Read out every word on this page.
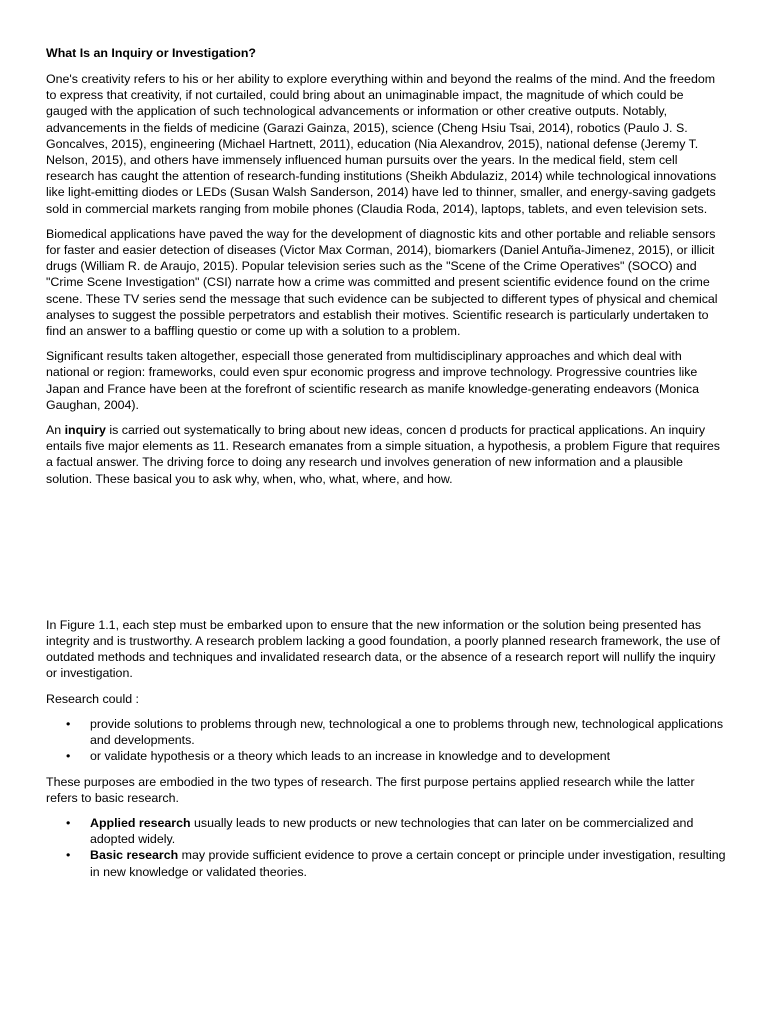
What Is an Inquiry or Investigation?

One's creativity refers to his or her ability to explore everything within and beyond the realms of the mind. And the freedom to express that creativity, if not curtailed, could bring about an unimaginable impact, the magnitude of which could be gauged with the application of such technological advancements or information or other creative outputs. Notably, advancements in the fields of medicine (Garazi Gainza, 2015), science (Cheng Hsiu Tsai, 2014), robotics (Paulo J. S. Goncalves, 2015), engineering (Michael Hartnett, 2011), education (Nia Alexandrov, 2015), national defense (Jeremy T. Nelson, 2015), and others have immensely influenced human pursuits over the years. In the medical field, stem cell research has caught the attention of research-funding institutions (Sheikh Abdulaziz, 2014) while technological innovations like light-emitting diodes or LEDs (Susan Walsh Sanderson, 2014) have led to thinner, smaller, and energy-saving gadgets sold in commercial markets ranging from mobile phones (Claudia Roda, 2014), laptops, tablets, and even television sets.

Biomedical applications have paved the way for the development of diagnostic kits and other portable and reliable sensors for faster and easier detection of diseases (Victor Max Corman, 2014), biomarkers (Daniel Antuña-Jimenez, 2015), or illicit drugs (William R. de Araujo, 2015). Popular television series such as the "Scene of the Crime Operatives" (SOCO) and "Crime Scene Investigation" (CSI) narrate how a crime was committed and present scientific evidence found on the crime scene. These TV series send the message that such evidence can be subjected to different types of physical and chemical analyses to suggest the possible perpetrators and establish their motives. Scientific research is particularly undertaken to find an answer to a baffling questio or come up with a solution to a problem.

Significant results taken altogether, especiall those generated from multidisciplinary approaches and which deal with national or region: frameworks, could even spur economic progress and improve technology. Progressive countries like Japan and France have been at the forefront of scientific research as manife knowledge-generating endeavors (Monica Gaughan, 2004).

An inquiry is carried out systematically to bring about new ideas, concen d products for practical applications. An inquiry entails five major elements as 11. Research emanates from a simple situation, a hypothesis, a problem Figure that requires a factual answer. The driving force to doing any research und involves generation of new information and a plausible solution. These basical you to ask why, when, who, what, where, and how.

In Figure 1.1, each step must be embarked upon to ensure that the new information or the solution being presented has integrity and is trustworthy. A research problem lacking a good foundation, a poorly planned research framework, the use of outdated methods and techniques and invalidated research data, or the absence of a research report will nullify the inquiry or investigation.

Research could :

• provide solutions to problems through new, technological a one to problems through new, technological applications and developments.
• or validate hypothesis or a theory which leads to an increase in knowledge and to development

These purposes are embodied in the two types of research. The first purpose pertains applied research while the latter refers to basic research.

• Applied research usually leads to new products or new technologies that can later on be commercialized and adopted widely.
• Basic research may provide sufficient evidence to prove a certain concept or principle under investigation, resulting in new knowledge or validated theories.
